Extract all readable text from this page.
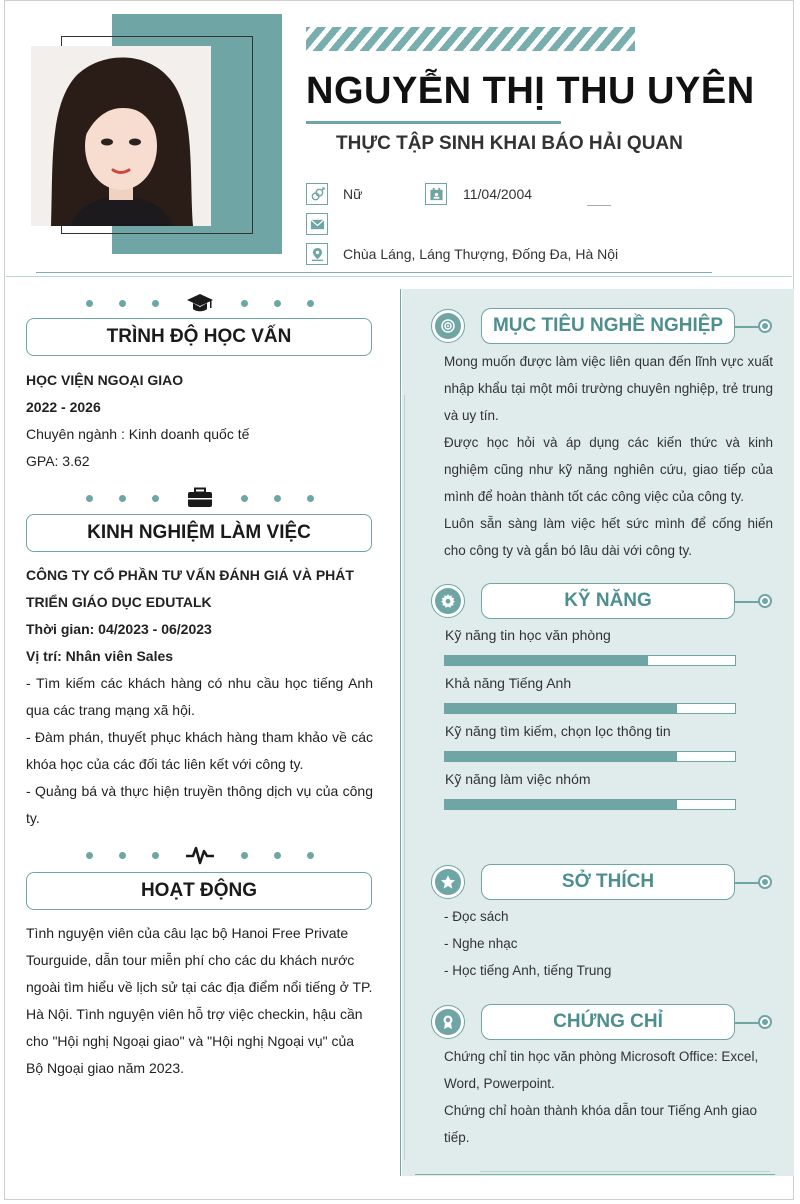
NGUYỄN THỊ THU UYÊN
THỰC TẬP SINH KHAI BÁO HẢI QUAN
Nữ	11/04/2004
Chùa Láng, Láng Thượng, Đống Đa, Hà Nội
TRÌNH ĐỘ HỌC VẤN

HỌC VIỆN NGOẠI GIAO

2022 - 2026

Chuyên ngành : Kinh doanh quốc tế

GPA: 3.62

KINH NGHIỆM LÀM VIỆC

CÔNG TY CỔ PHẦN TƯ VẤN ĐÁNH GIÁ VÀ PHÁT TRIỂN GIÁO DỤC EDUTALK

Thời gian: 04/2023 - 06/2023

Vị trí: Nhân viên Sales

- Tìm kiếm các khách hàng có nhu cầu học tiếng Anh qua các trang mạng xã hội.

- Đàm phán, thuyết phục khách hàng tham khảo về các khóa học của các đối tác liên kết với công ty.

- Quảng bá và thực hiện truyền thông dịch vụ của công ty.

HOẠT ĐỘNG

Tình nguyện viên của câu lạc bộ Hanoi Free Private Tourguide, dẫn tour miễn phí cho các du khách nước ngoài tìm hiểu về lịch sử tại các địa điểm nổi tiếng ở TP. Hà Nội. Tình nguyện viên hỗ trợ việc checkin, hậu cần cho "Hội nghị Ngoại giao" và "Hội nghị Ngoại vụ" của Bộ Ngoại giao năm 2023.

MỤC TIÊU NGHỀ NGHIỆP

Mong muốn được làm việc liên quan đến lĩnh vực xuất nhập khẩu tại một môi trường chuyên nghiệp, trẻ trung và uy tín.

Được học hỏi và áp dụng các kiến thức và kinh nghiệm cũng như kỹ năng nghiên cứu, giao tiếp của mình để hoàn thành tốt các công việc của công ty.

Luôn sẵn sàng làm việc hết sức mình để cống hiến cho công ty và gắn bó lâu dài với công ty.

KỸ NĂNG
Kỹ năng tin học văn phòng
Khả năng Tiếng Anh
Kỹ năng tìm kiếm, chọn lọc thông tin
Kỹ năng làm việc nhóm
SỞ THÍCH

- Đọc sách

- Nghe nhạc

- Học tiếng Anh, tiếng Trung

CHỨNG CHỈ

Chứng chỉ tin học văn phòng Microsoft Office: Excel, Word, Powerpoint.

Chứng chỉ hoàn thành khóa dẫn tour Tiếng Anh giao tiếp.
